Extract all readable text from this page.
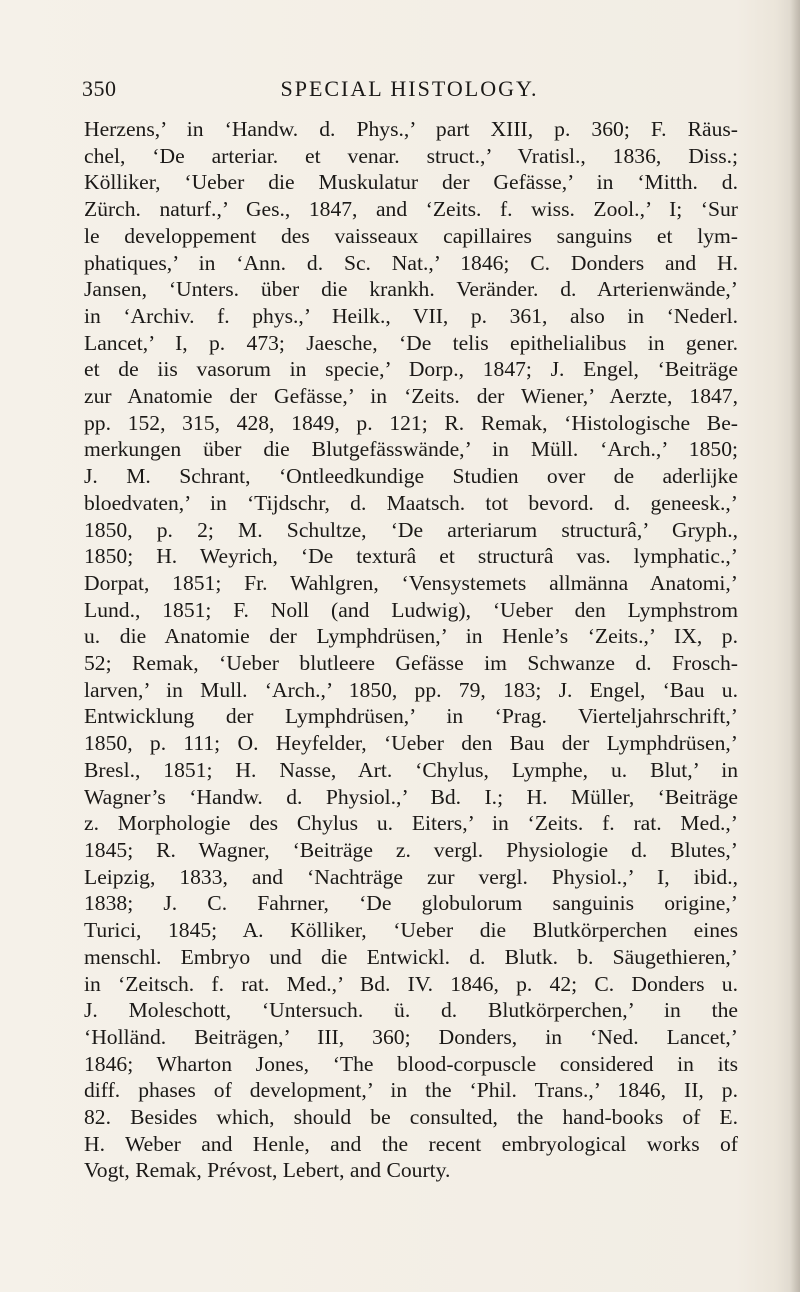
350	SPECIAL HISTOLOGY.

Herzens,’ in ‘Handw. d. Phys.,’ part XIII, p. 360; F. Räus-
chel, ‘De arteriar. et venar. struct.,’ Vratisl., 1836, Diss.;
Kölliker, ‘Ueber die Muskulatur der Gefässe,’ in ‘Mitth. d.
Zürch. naturf.,’ Ges., 1847, and ‘Zeits. f. wiss. Zool.,’ I; ‘Sur
le developpement des vaisseaux capillaires sanguins et lym-
phatiques,’ in ‘Ann. d. Sc. Nat.,’ 1846; C. Donders and H.
Jansen, ‘Unters. über die krankh. Veränder. d. Arterienwände,’
in ‘Archiv. f. phys.,’ Heilk., VII, p. 361, also in ‘Nederl.
Lancet,’ I, p. 473; Jaesche, ‘De telis epithelialibus in gener.
et de iis vasorum in specie,’ Dorp., 1847; J. Engel, ‘Beiträge
zur Anatomie der Gefässe,’ in ‘Zeits. der Wiener,’ Aerzte, 1847,
pp. 152, 315, 428, 1849, p. 121; R. Remak, ‘Histologische Be-
merkungen über die Blutgefässwände,’ in Müll. ‘Arch.,’ 1850;
J. M. Schrant, ‘Ontleedkundige Studien over de aderlijke
bloedvaten,’ in ‘Tijdschr, d. Maatsch. tot bevord. d. geneesk.,’
1850, p. 2; M. Schultze, ‘De arteriarum structurâ,’ Gryph.,
1850; H. Weyrich, ‘De texturâ et structurâ vas. lymphatic.,’
Dorpat, 1851; Fr. Wahlgren, ‘Vensystemets allmänna Anatomi,’
Lund., 1851; F. Noll (and Ludwig), ‘Ueber den Lymphstrom
u. die Anatomie der Lymphdrüsen,’ in Henle’s ‘Zeits.,’ IX, p.
52; Remak, ‘Ueber blutleere Gefässe im Schwanze d. Frosch-
larven,’ in Mull. ‘Arch.,’ 1850, pp. 79, 183; J. Engel, ‘Bau u.
Entwicklung der Lymphdrüsen,’ in ‘Prag. Vierteljahrschrift,’
1850, p. 111; O. Heyfelder, ‘Ueber den Bau der Lymphdrüsen,’
Bresl., 1851; H. Nasse, Art. ‘Chylus, Lymphe, u. Blut,’ in
Wagner’s ‘Handw. d. Physiol.,’ Bd. I.; H. Müller, ‘Beiträge
z. Morphologie des Chylus u. Eiters,’ in ‘Zeits. f. rat. Med.,’
1845; R. Wagner, ‘Beiträge z. vergl. Physiologie d. Blutes,’
Leipzig, 1833, and ‘Nachträge zur vergl. Physiol.,’ I, ibid.,
1838; J. C. Fahrner, ‘De globulorum sanguinis origine,’
Turici, 1845; A. Kölliker, ‘Ueber die Blutkörperchen eines
menschl. Embryo und die Entwickl. d. Blutk. b. Säugethieren,’
in ‘Zeitsch. f. rat. Med.,’ Bd. IV. 1846, p. 42; C. Donders u.
J. Moleschott, ‘Untersuch. ü. d. Blutkörperchen,’ in the
‘Holländ. Beiträgen,’ III, 360; Donders, in ‘Ned. Lancet,’
1846; Wharton Jones, ‘The blood-corpuscle considered in its
diff. phases of development,’ in the ‘Phil. Trans.,’ 1846, II, p.
82. Besides which, should be consulted, the hand-books of E.
H. Weber and Henle, and the recent embryological works of
Vogt, Remak, Prévost, Lebert, and Courty.
